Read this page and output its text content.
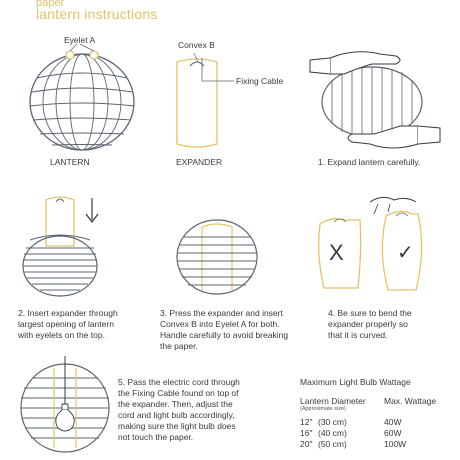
paper
lantern instructions
Eyelet A
LANTERN
Convex B
Fixing Cable
EXPANDER	1. Expand lantern carefully.
2. Insert expander through
largest opening of lantern
with eyelets on the top.
3. Press the expander and insert
Convex B into Eyelet A for both.
Handle carefully to avoid breaking
the paper.
X	✓
4. Be sure to bend the
expander properly so
that it is curved.
5. Pass the electric cord through
the Fixing Cable found on top of
the expander. Then, adjust the
cord and light bulb accordingly,
making sure the light bulb does
not touch the paper.
Maximum Light Bulb Wattage
Lantern Diameter
(Approximate size)
Max. Wattage
12" (30 cm)	40W
16" (40 cm)	60W
20" (50 cm)	100W
